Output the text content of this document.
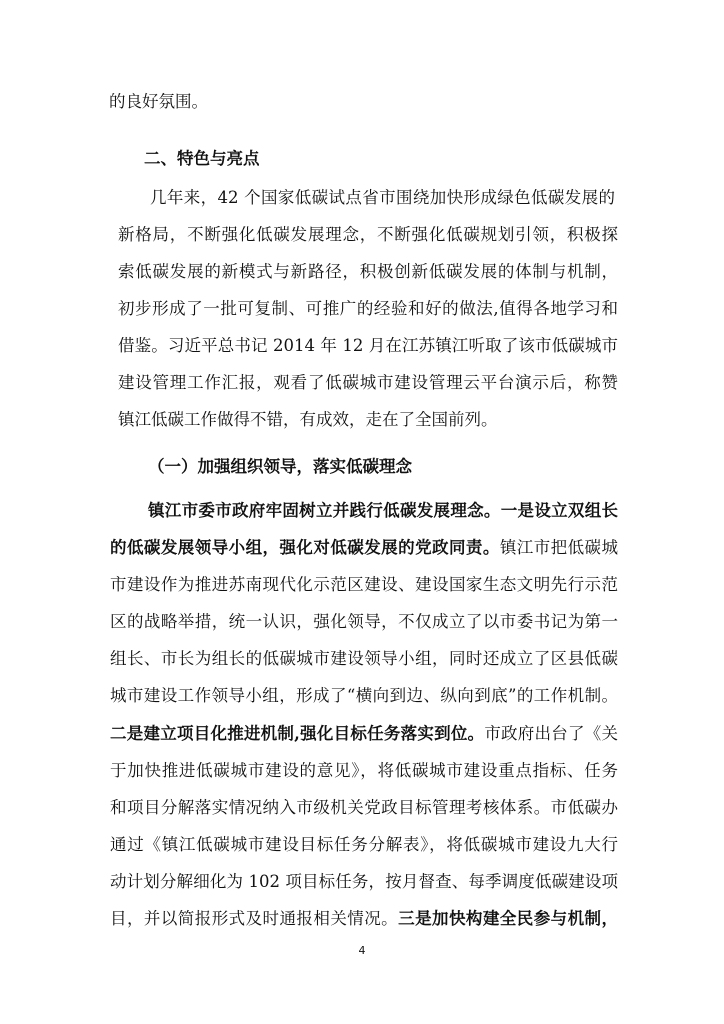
的良好氛围。
二、特色与亮点
几年来，42 个国家低碳试点省市围绕加快形成绿色低碳发展的
新格局，不断强化低碳发展理念，不断强化低碳规划引领，积极探
索低碳发展的新模式与新路径，积极创新低碳发展的体制与机制，
初步形成了一批可复制、可推广的经验和好的做法,值得各地学习和
借鉴。习近平总书记 2014 年 12 月在江苏镇江听取了该市低碳城市
建设管理工作汇报，观看了低碳城市建设管理云平台演示后，称赞
镇江低碳工作做得不错，有成效，走在了全国前列。
（一）加强组织领导，落实低碳理念
镇江市委市政府牢固树立并践行低碳发展理念。一是设立双组长
的低碳发展领导小组，强化对低碳发展的党政同责。镇江市把低碳城
市建设作为推进苏南现代化示范区建设、建设国家生态文明先行示范
区的战略举措，统一认识，强化领导，不仅成立了以市委书记为第一
组长、市长为组长的低碳城市建设领导小组，同时还成立了区县低碳
城市建设工作领导小组，形成了“横向到边、纵向到底”的工作机制。
二是建立项目化推进机制,强化目标任务落实到位。市政府出台了《关
于加快推进低碳城市建设的意见》，将低碳城市建设重点指标、任务
和项目分解落实情况纳入市级机关党政目标管理考核体系。市低碳办
通过《镇江低碳城市建设目标任务分解表》，将低碳城市建设九大行
动计划分解细化为 102 项目标任务，按月督查、每季调度低碳建设项
目，并以简报形式及时通报相关情况。三是加快构建全民参与机制，
4
